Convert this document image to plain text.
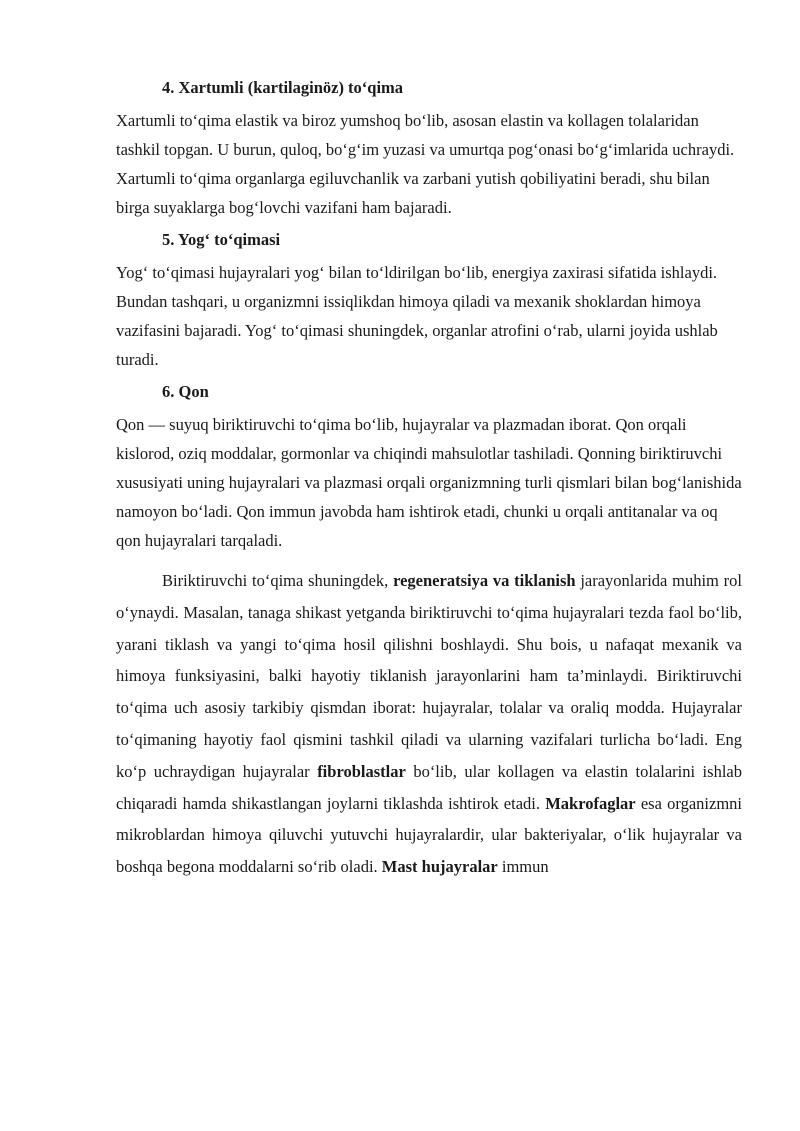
4. Xartumli (kartilaginöz) to‘qima

Xartumli to‘qima elastik va biroz yumshoq bo‘lib, asosan elastin va kollagen tolalaridan tashkil topgan. U burun, quloq, bo‘g‘im yuzasi va umurtqa pog‘onasi bo‘g‘imlarida uchraydi. Xartumli to‘qima organlarga egiluvchanlik va zarbani yutish qobiliyatini beradi, shu bilan birga suyaklarga bog‘lovchi vazifani ham bajaradi.

5. Yog‘ to‘qimasi

Yog‘ to‘qimasi hujayralari yog‘ bilan to‘ldirilgan bo‘lib, energiya zaxirasi sifatida ishlaydi. Bundan tashqari, u organizmni issiqlikdan himoya qiladi va mexanik shoklardan himoya vazifasini bajaradi. Yog‘ to‘qimasi shuningdek, organlar atrofini o‘rab, ularni joyida ushlab turadi.

6. Qon

Qon — suyuq biriktiruvchi to‘qima bo‘lib, hujayralar va plazmadan iborat. Qon orqali kislorod, oziq moddalar, gormonlar va chiqindi mahsulotlar tashiladi. Qonning biriktiruvchi xususiyati uning hujayralari va plazmasi orqali organizmning turli qismlari bilan bog‘lanishida namoyon bo‘ladi. Qon immun javobda ham ishtirok etadi, chunki u orqali antitanalar va oq qon hujayralari tarqaladi.

Biriktiruvchi to‘qima shuningdek, regeneratsiya va tiklanish jarayonlarida muhim rol o‘ynaydi. Masalan, tanaga shikast yetganda biriktiruvchi to‘qima hujayralari tezda faol bo‘lib, yarani tiklash va yangi to‘qima hosil qilishni boshlaydi. Shu bois, u nafaqat mexanik va himoya funksiyasini, balki hayotiy tiklanish jarayonlarini ham ta’minlaydi. Biriktiruvchi to‘qima uch asosiy tarkibiy qismdan iborat: hujayralar, tolalar va oraliq modda. Hujayralar to‘qimaning hayotiy faol qismini tashkil qiladi va ularning vazifalari turlicha bo‘ladi. Eng ko‘p uchraydigan hujayralar fibroblastlar bo‘lib, ular kollagen va elastin tolalarini ishlab chiqaradi hamda shikastlangan joylarni tiklashda ishtirok etadi. Makrofaglar esa organizmni mikroblardan himoya qiluvchi yutuvchi hujayralardir, ular bakteriyalar, o‘lik hujayralar va boshqa begona moddalarni so‘rib oladi. Mast hujayralar immun
